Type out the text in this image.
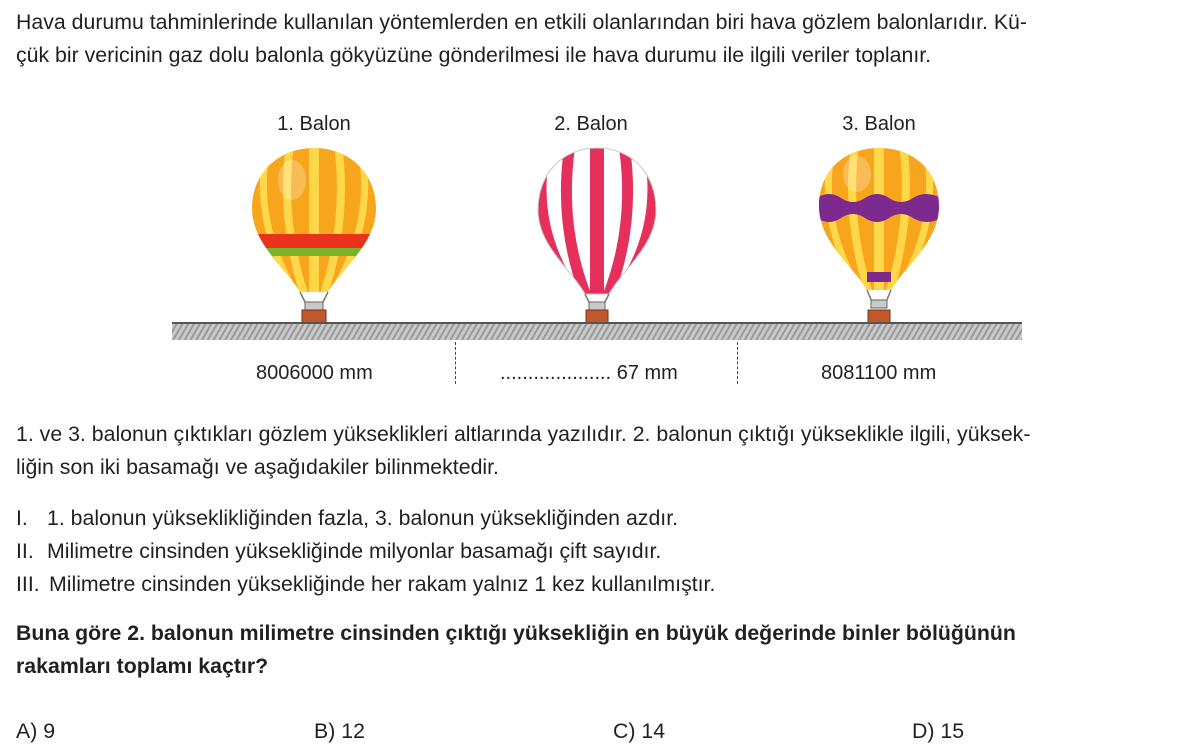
Hava durumu tahminlerinde kullanılan yöntemlerden en etkili olanlarından biri hava gözlem balonlarıdır. Kü-
çük bir vericinin gaz dolu balonla gökyüzüne gönderilmesi ile hava durumu ile ilgili veriler toplanır.

1. Balon	2. Balon	3. Balon
8006000 mm	.................... 67 mm	8081100 mm

1. ve 3. balonun çıktıkları gözlem yükseklikleri altlarında yazılıdır. 2. balonun çıktığı yükseklikle ilgili, yüksek-
liğin son iki basamağı ve aşağıdakiler bilinmektedir.

I. 1. balonun yükseklikliğinden fazla, 3. balonun yüksekliğinden azdır.
II. Milimetre cinsinden yüksekliğinde milyonlar basamağı çift sayıdır.
III. Milimetre cinsinden yüksekliğinde her rakam yalnız 1 kez kullanılmıştır.

Buna göre 2. balonun milimetre cinsinden çıktığı yüksekliğin en büyük değerinde binler bölüğünün
rakamları toplamı kaçtır?

A) 9	B) 12	C) 14	D) 15
